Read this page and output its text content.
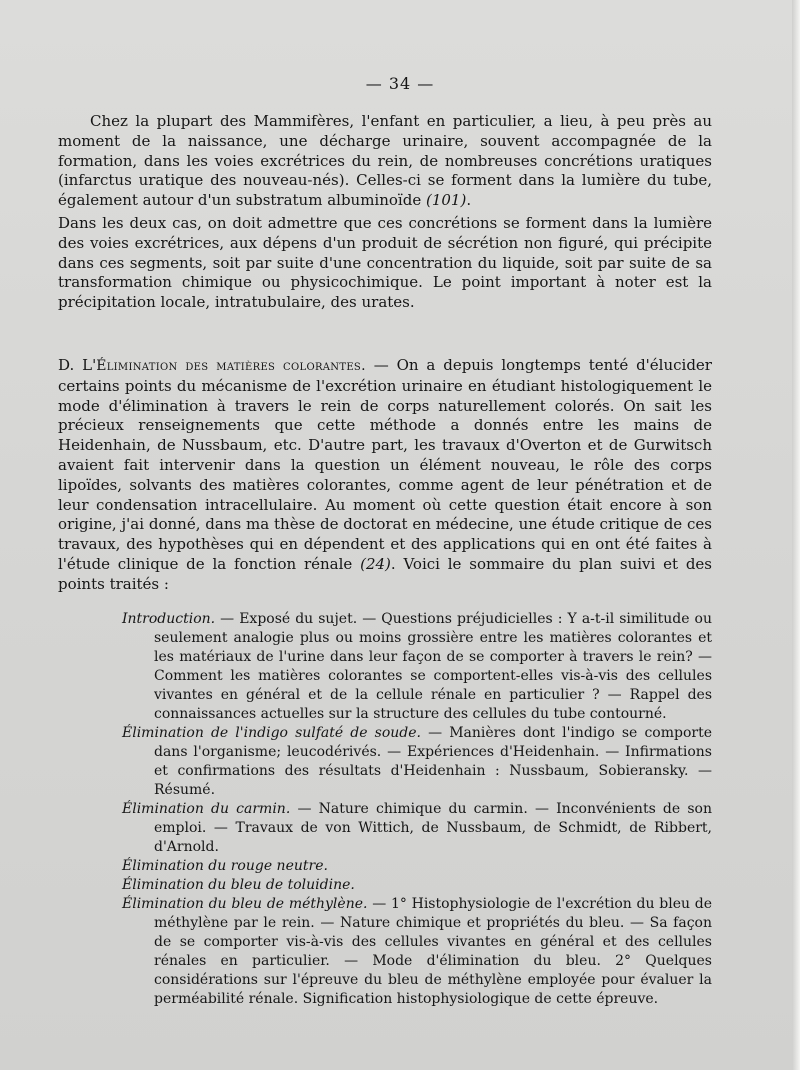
— 34 —

Chez la plupart des Mammifères, l'enfant en particulier, a lieu, à peu près au moment de la naissance, une décharge urinaire, souvent accompagnée de la formation, dans les voies excrétrices du rein, de nombreuses concrétions uratiques (infarctus uratique des nouveau-nés). Celles-ci se forment dans la lumière du tube, également autour d'un substratum albuminoïde (101).

Dans les deux cas, on doit admettre que ces concrétions se forment dans la lumière des voies excrétrices, aux dépens d'un produit de sécrétion non figuré, qui précipite dans ces segments, soit par suite d'une concentration du liquide, soit par suite de sa transformation chimique ou physicochimique. Le point important à noter est la précipitation locale, intratubulaire, des urates.

D. L'Élimination des matières colorantes. — On a depuis longtemps tenté d'élucider certains points du mécanisme de l'excrétion urinaire en étudiant histologiquement le mode d'élimination à travers le rein de corps naturellement colorés. On sait les précieux renseignements que cette méthode a donnés entre les mains de Heidenhain, de Nussbaum, etc. D'autre part, les travaux d'Overton et de Gurwitsch avaient fait intervenir dans la question un élément nouveau, le rôle des corps lipoïdes, solvants des matières colorantes, comme agent de leur pénétration et de leur condensation intracellulaire. Au moment où cette question était encore à son origine, j'ai donné, dans ma thèse de doctorat en médecine, une étude critique de ces travaux, des hypothèses qui en dépendent et des applications qui en ont été faites à l'étude clinique de la fonction rénale (24). Voici le sommaire du plan suivi et des points traités :

Introduction. — Exposé du sujet. — Questions préjudicielles : Y a-t-il similitude ou seulement analogie plus ou moins grossière entre les matières colorantes et les matériaux de l'urine dans leur façon de se comporter à travers le rein? — Comment les matières colorantes se comportent-elles vis-à-vis des cellules vivantes en général et de la cellule rénale en particulier ? — Rappel des connaissances actuelles sur la structure des cellules du tube contourné.
Élimination de l'indigo sulfaté de soude. — Manières dont l'indigo se comporte dans l'organisme; leucodérivés. — Expériences d'Heidenhain. — Infirmations et confirmations des résultats d'Heidenhain : Nussbaum, Sobieransky. — Résumé.
Élimination du carmin. — Nature chimique du carmin. — Inconvénients de son emploi. — Travaux de von Wittich, de Nussbaum, de Schmidt, de Ribbert, d'Arnold.
Élimination du rouge neutre.
Élimination du bleu de toluidine.
Élimination du bleu de méthylène. — 1° Histophysiologie de l'excrétion du bleu de méthylène par le rein. — Nature chimique et propriétés du bleu. — Sa façon de se comporter vis-à-vis des cellules vivantes en général et des cellules rénales en particulier. — Mode d'élimination du bleu. 2° Quelques considérations sur l'épreuve du bleu de méthylène employée pour évaluer la perméabilité rénale. Signification histophysiologique de cette épreuve.
